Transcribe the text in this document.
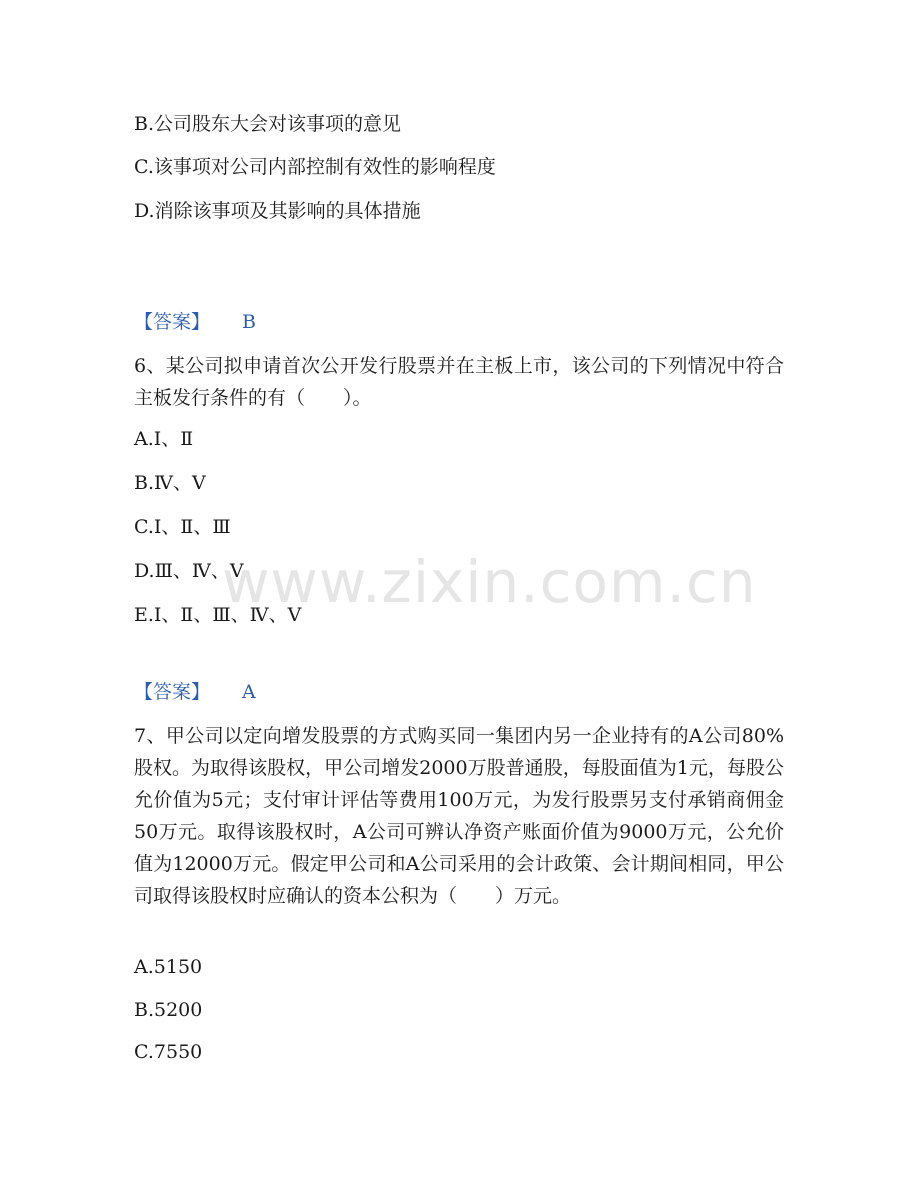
www.zixin.com.cn
B.公司股东大会对该事项的意见
C.该事项对公司内部控制有效性的影响程度
D.消除该事项及其影响的具体措施
【答案】 B
6、某公司拟申请首次公开发行股票并在主板上市，该公司的下列情况中符合主板发行条件的有（　　）。
A.Ⅰ、Ⅱ
B.Ⅳ、Ⅴ
C.Ⅰ、Ⅱ、Ⅲ
D.Ⅲ、Ⅳ、Ⅴ
E.Ⅰ、Ⅱ、Ⅲ、Ⅳ、Ⅴ
【答案】 A
7、甲公司以定向增发股票的方式购买同一集团内另一企业持有的A公司80%股权。为取得该股权，甲公司增发2000万股普通股，每股面值为1元，每股公允价值为5元；支付审计评估等费用100万元，为发行股票另支付承销商佣金50万元。取得该股权时，A公司可辨认净资产账面价值为9000万元，公允价值为12000万元。假定甲公司和A公司采用的会计政策、会计期间相同，甲公司取得该股权时应确认的资本公积为（　　）万元。
A.5150
B.5200
C.7550
